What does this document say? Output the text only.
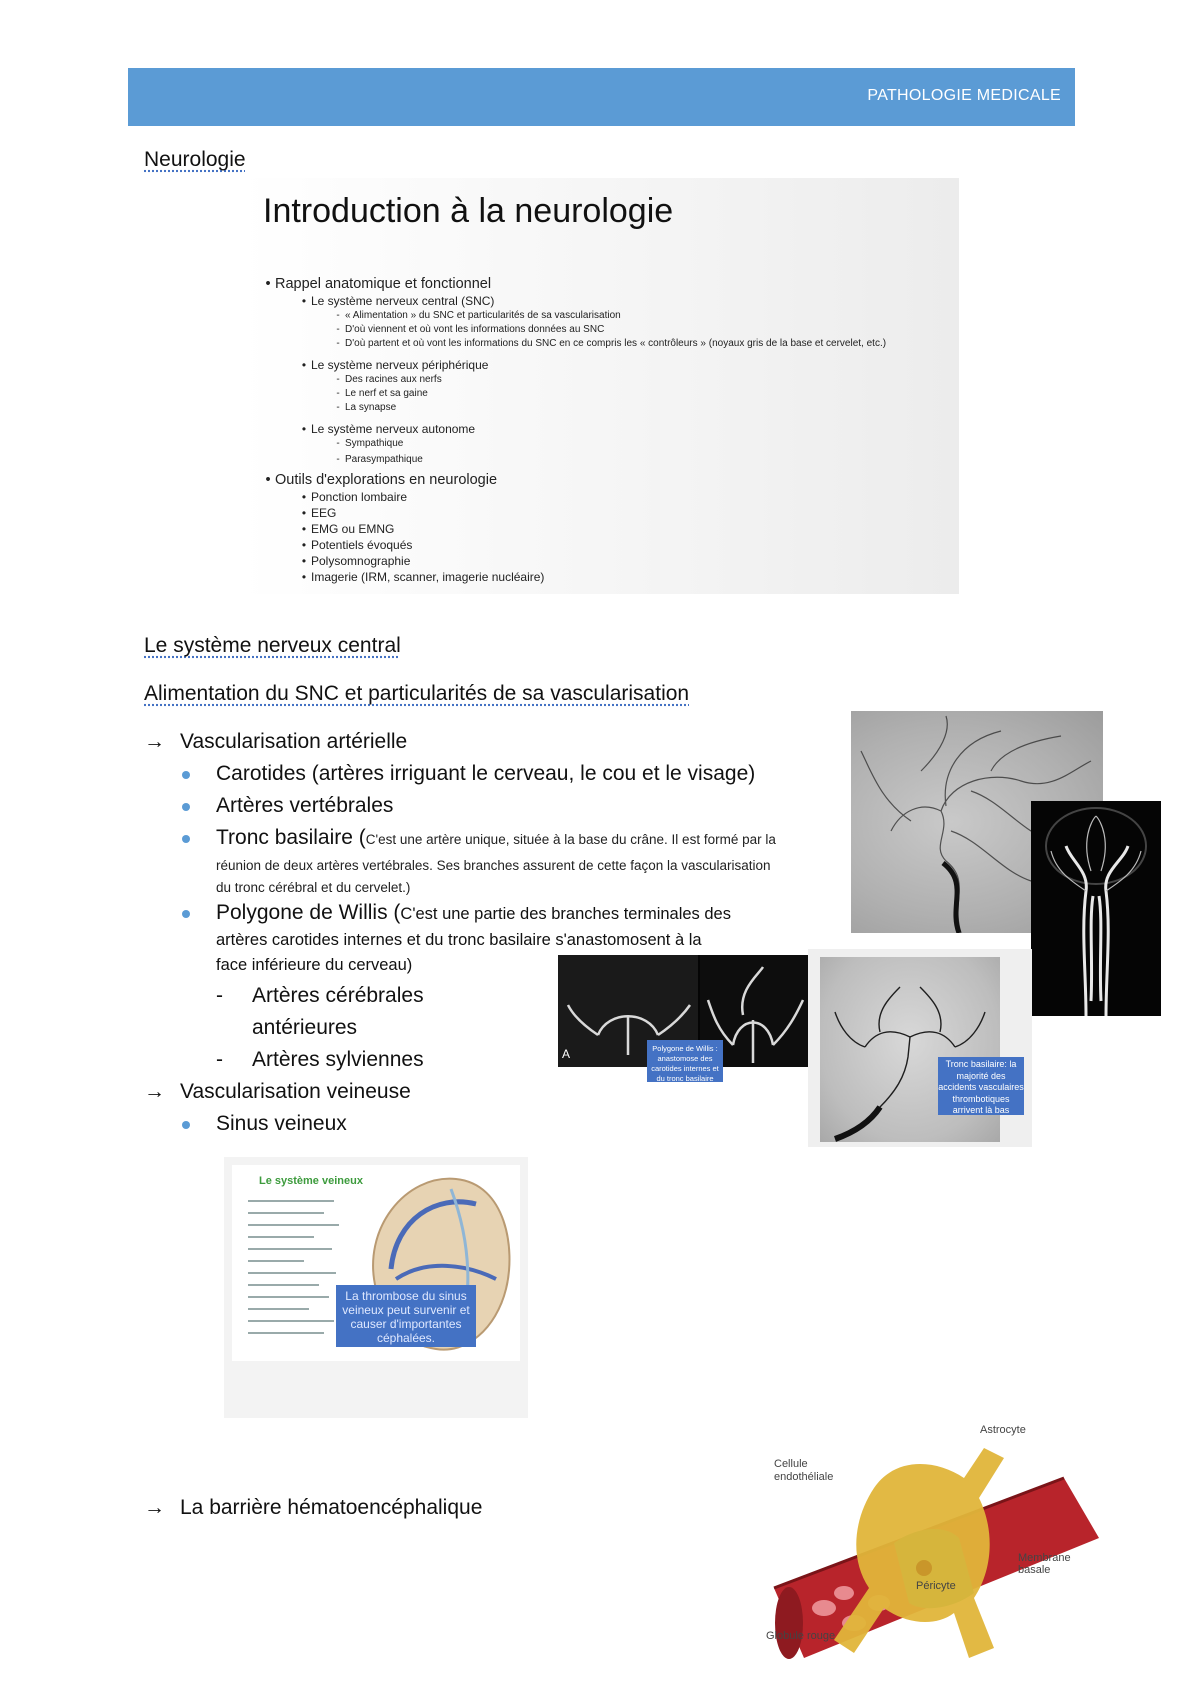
PATHOLOGIE MEDICALE
Neurologie
Introduction à la neurologie
• Rappel anatomique et fonctionnel
• Le système nerveux central (SNC)
- « Alimentation » du SNC et particularités de sa vascularisation
- D'où viennent et où vont les informations données au SNC
- D'où partent et où vont les informations du SNC en ce compris les « contrôleurs » (noyaux gris de la base et cervelet, etc.)
• Le système nerveux périphérique
- Des racines aux nerfs
- Le nerf et sa gaine
- La synapse
• Le système nerveux autonome
- Sympathique
- Parasympathique
• Outils d'explorations en neurologie
• Ponction lombaire
• EEG
• EMG ou EMNG
• Potentiels évoqués
• Polysomnographie
• Imagerie (IRM, scanner, imagerie nucléaire)
Le système nerveux central
Alimentation du SNC et particularités de sa vascularisation
→ Vascularisation artérielle
Carotides (artères irriguant le cerveau, le cou et le visage)
Artères vertébrales
Tronc basilaire (C'est une artère unique, située à la base du crâne. Il est formé par la
réunion de deux artères vertébrales. Ses branches assurent de cette façon la vascularisation
du tronc cérébral et du cervelet.)
Polygone de Willis (C'est une partie des branches terminales des
artères carotides internes et du tronc basilaire s'anastomosent à la
face inférieure du cerveau)
- Artères cérébrales
antérieures
- Artères sylviennes
→ Vascularisation veineuse
Sinus veineux
→ La barrière hématoencéphalique
A	Polygone de Willis : anastomose des carotides internes et du tronc basilaire
Tronc basilaire: la majorité des accidents vasculaires thrombotiques arrivent là bas
Le système veineux
La thrombose du sinus veineux peut survenir et causer d'importantes céphalées.
Cellule endothéliale
Astrocyte
Membrane basale
Péricyte
Globule rouge
